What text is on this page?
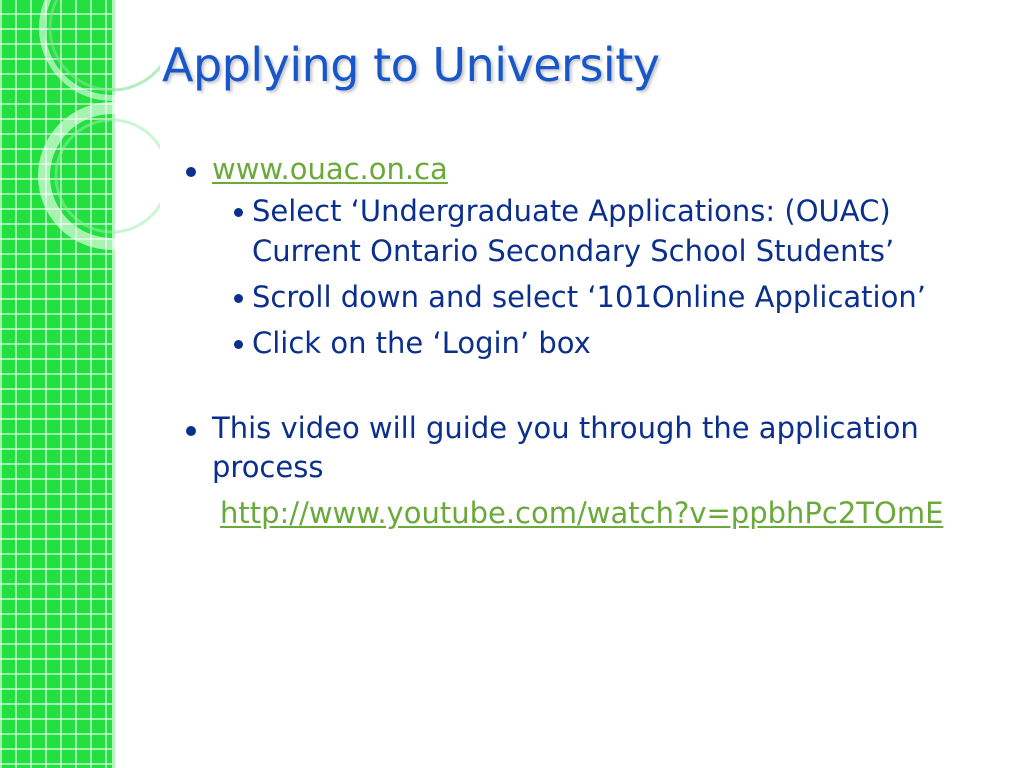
Applying to University
www.ouac.on.ca
Select ‘Undergraduate Applications: (OUAC) Current Ontario Secondary School Students’
Scroll down and select ‘101Online Application’
Click on the ‘Login’ box
This video will guide you through the application process
http://www.youtube.com/watch?v=ppbhPc2TOmE
